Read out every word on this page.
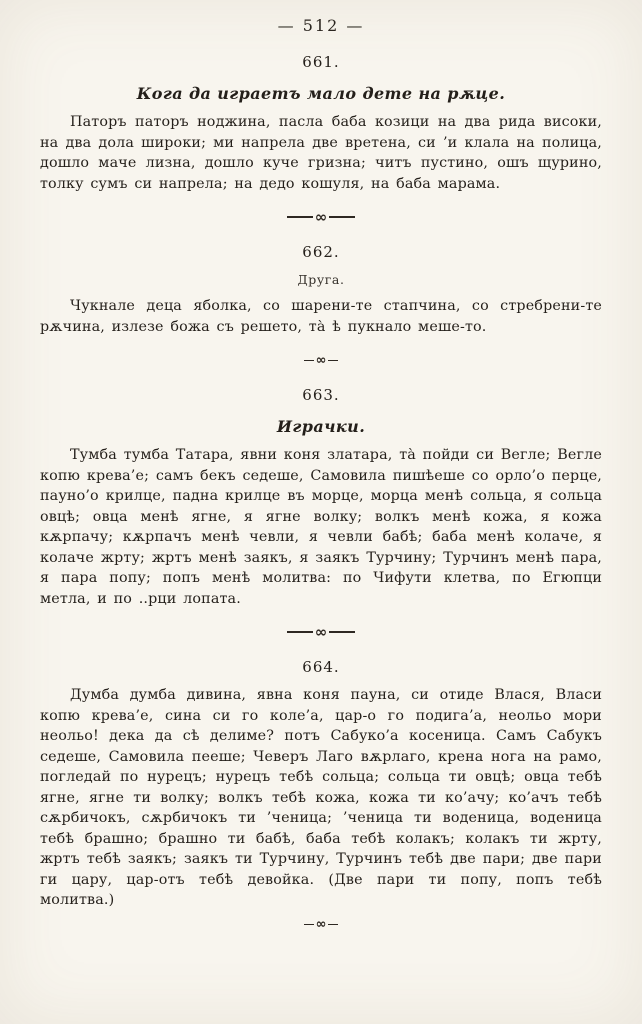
— 512 —
661.
Кога да играетъ мало дете на рѫце.

Паторъ паторъ ноджина, пасла баба козици на два рида високи, на два дола широки; ми напрела две вретена, си ’и клала на полица, дошло маче лизна, дошло куче гризна; читъ пустино, ошъ щурино, толку сумъ си напрела; на дедо кошуля, на баба марама.

∞
662.
Друга.

Чукнале деца яболка, со шарени-те стапчина, со стребрени-те рѫчина, излезе божа съ решето, та̀ ѣ пукнало меше-то.

∞
663.
Играчки.

Тумба тумба Татара, явни коня златара, та̀ пойди си Вегле; Вегле копю крева’е; самъ бекъ седеше, Самовила пишѣеше со орло’о перце, пауно’о крилце, падна крилце въ морце, морца менѣ сольца, я сольца овцѣ; овца менѣ ягне, я ягне волку; волкъ менѣ кожа, я кожа кѫрпачу; кѫрпачъ менѣ чевли, я чевли бабѣ; баба менѣ колаче, я колаче жрту; жртъ менѣ заякъ, я заякъ Турчину; Турчинъ менѣ пара, я пара попу; попъ менѣ молитва: по Чифути клетва, по Егюпци метла, и по ..рци лопата.

∞
664.

Думба думба дивина, явна коня пауна, си отиде Влася, Власи копю крева’е, сина си го коле’а, цар-о го подига’а, неольо мори неольо! дека да сѣ делиме? потъ Сабуко’а косеница. Самъ Сабукъ седеше, Самовила пееше; Чеверъ Лаго вѫрлаго, крена нога на рамо, погледай по нурецъ; нурецъ тебѣ сольца; сольца ти овцѣ; овца тебѣ ягне, ягне ти волку; волкъ тебѣ кожа, кожа ти ко’ачу; ко’ачъ тебѣ сѫрбичокъ, сѫрбичокъ ти ’ченица; ’ченица ти воденица, воденица тебѣ брашно; брашно ти бабѣ, баба тебѣ колакъ; колакъ ти жрту, жртъ тебѣ заякъ; заякъ ти Турчину, Турчинъ тебѣ две пари; две пари ги цару, цар-отъ тебѣ девойка. (Две пари ти попу, попъ тебѣ молитва.)

∞
